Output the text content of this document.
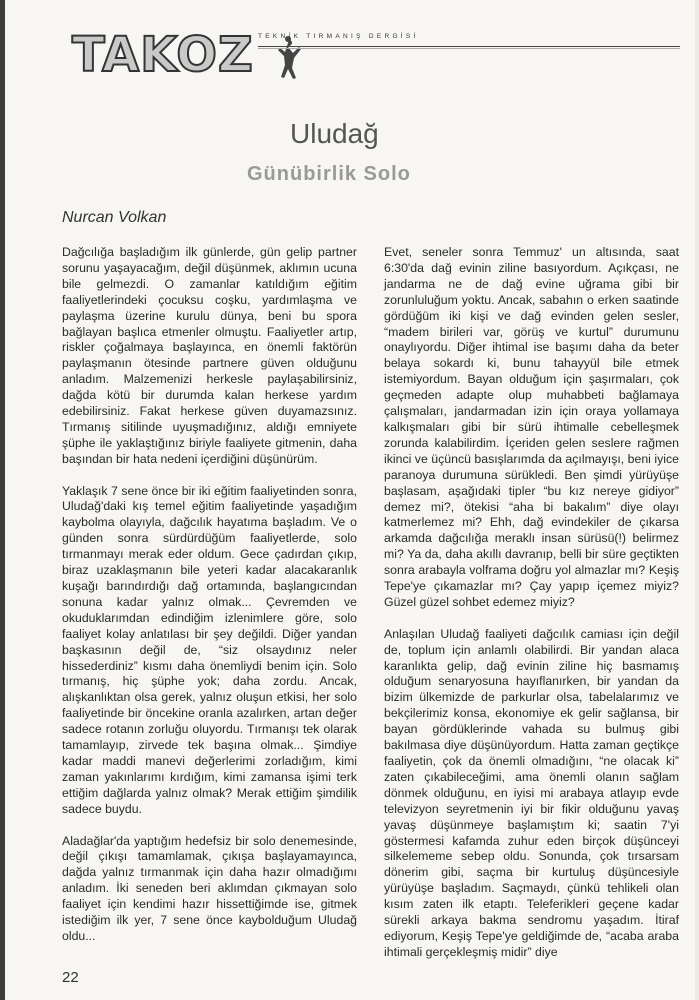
TAKOZ TEKNİK TIRMANIŞ DERGİSİ
Uludağ
Günübirlik Solo

Nurcan Volkan

Dağcılığa başladığım ilk günlerde, gün gelip partner sorunu yaşayacağım, değil düşünmek, aklımın ucuna bile gelmezdi. O zamanlar katıldığım eğitim faaliyetlerindeki çocuksu coşku, yardımlaşma ve paylaşma üzerine kurulu dünya, beni bu spora bağlayan başlıca etmenler olmuştu. Faaliyetler artıp, riskler çoğalmaya başlayınca, en önemli faktörün paylaşmanın ötesinde partnere güven olduğunu anladım. Malzemenizi herkesle paylaşabilirsiniz, dağda kötü bir durumda kalan herkese yardım edebilirsiniz. Fakat herkese güven duyamazsınız. Tırmanış sitilinde uyuşmadığınız, aldığı emniyete şüphe ile yaklaştığınız biriyle faaliyete gitmenin, daha başından bir hata nedeni içerdiğini düşünürüm.

Yaklaşık 7 sene önce bir iki eğitim faaliyetinden sonra, Uludağ'daki kış temel eğitim faaliyetinde yaşadığım kaybolma olayıyla, dağcılık hayatıma başladım. Ve o günden sonra sürdürdüğüm faaliyetlerde, solo tırmanmayı merak eder oldum. Gece çadırdan çıkıp, biraz uzaklaşmanın bile yeteri kadar alacakaranlık kuşağı barındırdığı dağ ortamında, başlangıcından sonuna kadar yalnız olmak... Çevremden ve okuduklarımdan edindiğim izlenimlere göre, solo faaliyet kolay anlatılası bir şey değildi. Diğer yandan başkasının değil de, “siz olsaydınız neler hissederdiniz” kısmı daha önemliydi benim için. Solo tırmanış, hiç şüphe yok; daha zordu. Ancak, alışkanlıktan olsa gerek, yalnız oluşun etkisi, her solo faaliyetinde bir öncekine oranla azalırken, artan değer sadece rotanın zorluğu oluyordu. Tırmanışı tek olarak tamamlayıp, zirvede tek başına olmak... Şimdiye kadar maddi manevi değerlerimi zorladığım, kimi zaman yakınlarımı kırdığım, kimi zamansa işimi terk ettiğim dağlarda yalnız olmak? Merak ettiğim şimdilik sadece buydu.

Aladağlar'da yaptığım hedefsiz bir solo denemesinde, değil çıkışı tamamlamak, çıkışa başlayamayınca, dağda yalnız tırmanmak için daha hazır olmadığımı anladım. İki seneden beri aklımdan çıkmayan solo faaliyet için kendimi hazır hissettiğimde ise, gitmek istediğim ilk yer, 7 sene önce kaybolduğum Uludağ oldu...

Evet, seneler sonra Temmuz' un altısında, saat 6:30'da dağ evinin ziline basıyordum. Açıkçası, ne jandarma ne de dağ evine uğrama gibi bir zorunluluğum yoktu. Ancak, sabahın o erken saatinde gördüğüm iki kişi ve dağ evinden gelen sesler, “madem birileri var, görüş ve kurtul” durumunu onaylıyordu. Diğer ihtimal ise başımı daha da beter belaya sokardı ki, bunu tahayyül bile etmek istemiyordum. Bayan olduğum için şaşırmaları, çok geçmeden adapte olup muhabbeti bağlamaya çalışmaları, jandarmadan izin için oraya yollamaya kalkışmaları gibi bir sürü ihtimalle cebelleşmek zorunda kalabilirdim. İçeriden gelen seslere rağmen ikinci ve üçüncü basışlarımda da açılmayışı, beni iyice paranoya durumuna sürükledi. Ben şimdi yürüyüşe başlasam, aşağıdaki tipler “bu kız nereye gidiyor” demez mi?, ötekisi “aha bi bakalım” diye olayı katmerlemez mi? Ehh, dağ evindekiler de çıkarsa arkamda dağcılığa meraklı insan sürüsü(!) belirmez mi? Ya da, daha akıllı davranıp, belli bir süre geçtikten sonra arabayla volframa doğru yol almazlar mı? Keşiş Tepe'ye çıkamazlar mı? Çay yapıp içemez miyiz? Güzel güzel sohbet edemez miyiz?

Anlaşılan Uludağ faaliyeti dağcılık camiası için değil de, toplum için anlamlı olabilirdi. Bir yandan alaca karanlıkta gelip, dağ evinin ziline hiç basmamış olduğum senaryosuna hayıflanırken, bir yandan da bizim ülkemizde de parkurlar olsa, tabelalarımız ve bekçilerimiz konsa, ekonomiye ek gelir sağlansa, bir bayan gördüklerinde vahada su bulmuş gibi bakılmasa diye düşünüyordum. Hatta zaman geçtikçe faaliyetin, çok da önemli olmadığını, “ne olacak ki” zaten çıkabileceğimi, ama önemli olanın sağlam dönmek olduğunu, en iyisi mi arabaya atlayıp evde televizyon seyretmenin iyi bir fikir olduğunu yavaş yavaş düşünmeye başlamıştım ki; saatin 7'yi göstermesi kafamda zuhur eden birçok düşünceyi silkelememe sebep oldu. Sonunda, çok tırsarsam dönerim gibi, saçma bir kurtuluş düşüncesiyle yürüyüşe başladım. Saçmaydı, çünkü tehlikeli olan kısım zaten ilk etaptı. Teleferikleri geçene kadar sürekli arkaya bakma sendromu yaşadım. İtiraf ediyorum, Keşiş Tepe'ye geldiğimde de, “acaba araba ihtimali gerçekleşmiş midir” diye

22
